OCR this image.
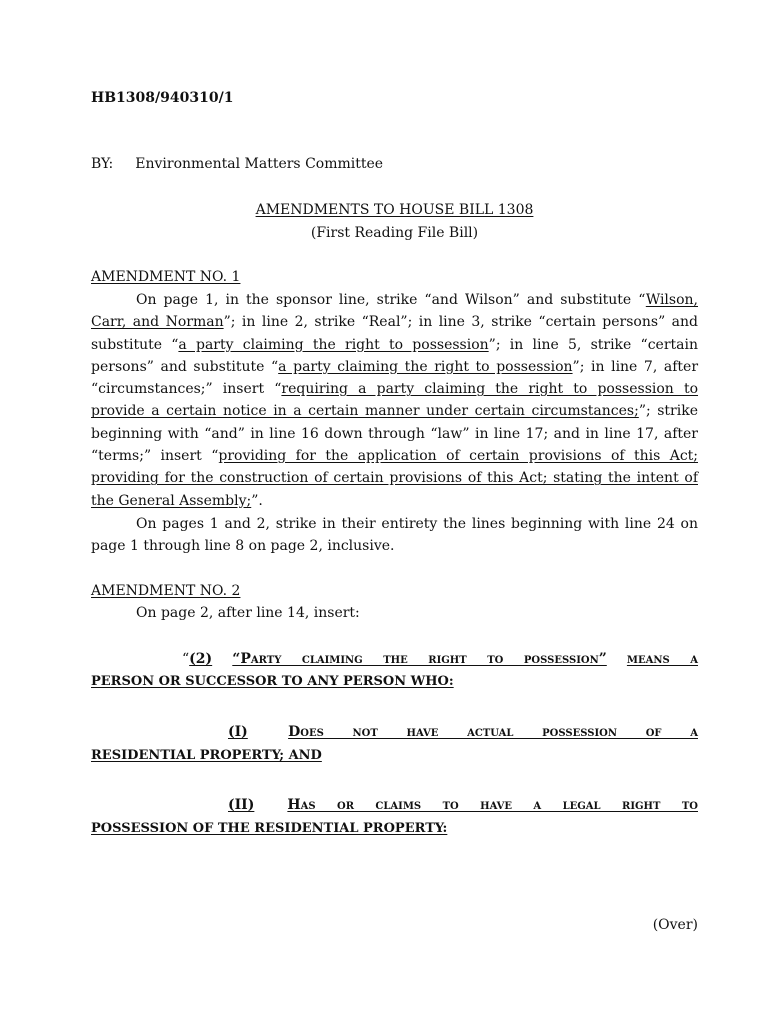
HB1308/940310/1
BY: Environmental Matters Committee
AMENDMENTS TO HOUSE BILL 1308
(First Reading File Bill)
AMENDMENT NO. 1
On page 1, in the sponsor line, strike “and Wilson” and substitute “Wilson, Carr, and Norman”; in line 2, strike “Real”; in line 3, strike “certain persons” and substitute “a party claiming the right to possession”; in line 5, strike “certain persons” and substitute “a party claiming the right to possession”; in line 7, after “circumstances;” insert “requiring a party claiming the right to possession to provide a certain notice in a certain manner under certain circumstances;”; strike beginning with “and” in line 16 down through “law” in line 17; and in line 17, after “terms;” insert “providing for the application of certain provisions of this Act; providing for the construction of certain provisions of this Act; stating the intent of the General Assembly;”.
On pages 1 and 2, strike in their entirety the lines beginning with line 24 on page 1 through line 8 on page 2, inclusive.
AMENDMENT NO. 2
On page 2, after line 14, insert:
“(2) “Party claiming the right to possession” means a
PERSON OR SUCCESSOR TO ANY PERSON WHO:
(I)	Does not have actual possession of a
RESIDENTIAL PROPERTY; AND
(II) Has or claims to have a legal right to
POSSESSION OF THE RESIDENTIAL PROPERTY:
(Over)
